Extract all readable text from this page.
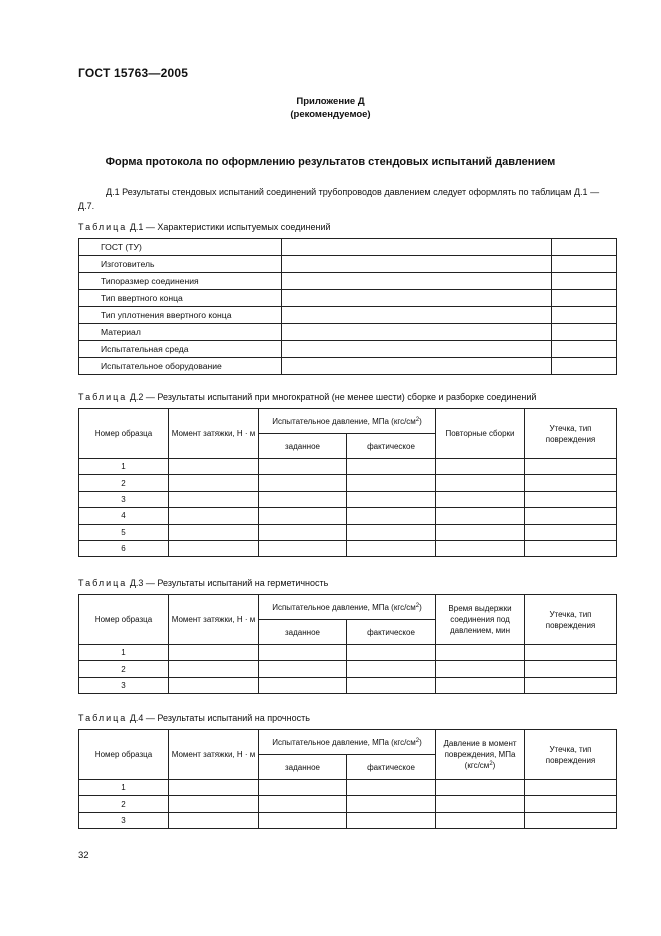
ГОСТ 15763—2005
Приложение Д
(рекомендуемое)
Форма протокола по оформлению результатов стендовых испытаний давлением
Д.1 Результаты стендовых испытаний соединений трубопроводов давлением следует оформлять по таблицам Д.1 — Д.7.
Таблица Д.1 — Характеристики испытуемых соединений
ГОСТ (ТУ)		
Изготовитель		
Типоразмер соединения		
Тип ввертного конца		
Тип уплотнения ввертного конца		
Материал		
Испытательная среда		
Испытательное оборудование		
Таблица Д.2 — Результаты испытаний при многократной (не менее шести) сборке и разборке соединений
Номер образца	Момент затяжки, Н · м	Испытательное давление, МПа $(кгс/см^2)$		Повторные сборки	Утечка, тип повреждения
		заданное	фактическое		
1					
2					
3					
4					
5					
6					
Таблица Д.3 — Результаты испытаний на герметичность
Номер образца	Момент затяжки, Н · м	Испытательное давление, МПа $(кгс/см^2)$		Время выдержки соединения под давлением, мин	Утечка, тип повреждения
		заданное	фактическое		
1					
2					
3					
Таблица Д.4 — Результаты испытаний на прочность
Номер образца	Момент затяжки, Н · м	Испытательное давление, МПа $(кгс/см^2)$		Давление в момент повреждения, МПа $(кгс/см^2)$	Утечка, тип повреждения
		заданное	фактическое		
1					
2					
3					
32
